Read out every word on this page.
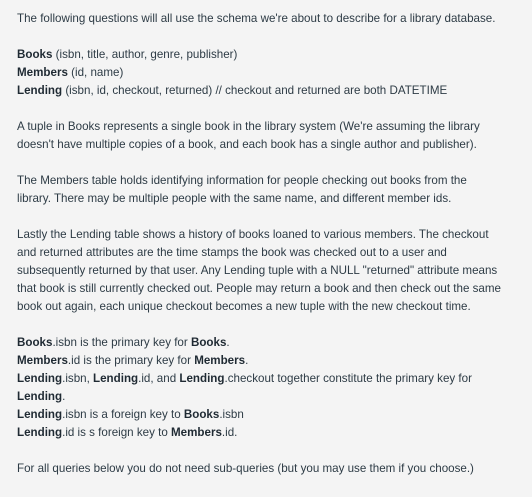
The following questions will all use the schema we're about to describe for a library database.

Books (isbn, title, author, genre, publisher)

Members (id, name)

Lending (isbn, id, checkout, returned) // checkout and returned are both DATETIME

A tuple in Books represents a single book in the library system (We're assuming the library

doesn't have multiple copies of a book, and each book has a single author and publisher).

The Members table holds identifying information for people checking out books from the

library. There may be multiple people with the same name, and different member ids.

Lastly the Lending table shows a history of books loaned to various members. The checkout

and returned attributes are the time stamps the book was checked out to a user and

subsequently returned by that user. Any Lending tuple with a NULL "returned" attribute means

that book is still currently checked out. People may return a book and then check out the same

book out again, each unique checkout becomes a new tuple with the new checkout time.

Books.isbn is the primary key for Books.

Members.id is the primary key for Members.

Lending.isbn, Lending.id, and Lending.checkout together constitute the primary key for

Lending.

Lending.isbn is a foreign key to Books.isbn

Lending.id is s foreign key to Members.id.

For all queries below you do not need sub-queries (but you may use them if you choose.)
